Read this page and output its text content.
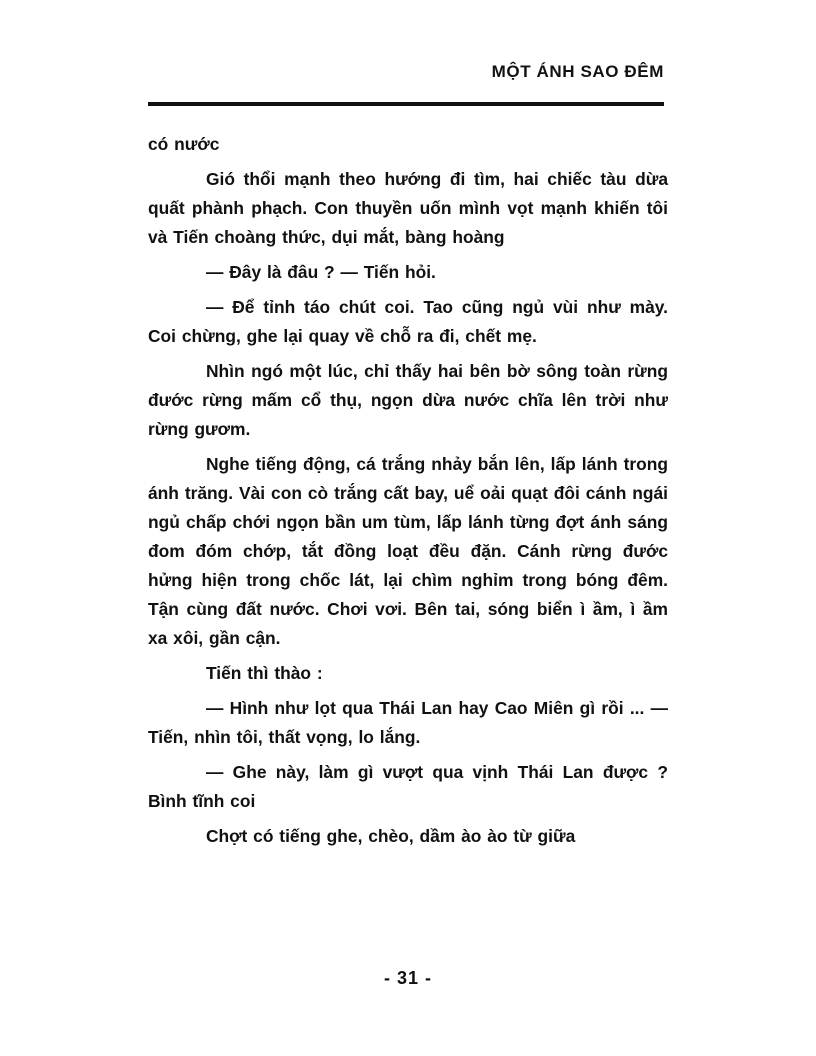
MỘT ÁNH SAO ĐÊM

có nước

Gió thổi mạnh theo hướng đi tìm, hai chiếc tàu dừa quất phành phạch. Con thuyền uốn mình vọt mạnh khiến tôi và Tiến choàng thức, dụi mắt, bàng hoàng

— Đây là đâu ? — Tiến hỏi.

— Để tỉnh táo chút coi. Tao cũng ngủ vùi như mày. Coi chừng, ghe lại quay về chỗ ra đi, chết mẹ.

Nhìn ngó một lúc, chỉ thấy hai bên bờ sông toàn rừng đước rừng mấm cổ thụ, ngọn dừa nước chĩa lên trời như rừng gươm.

Nghe tiếng động, cá trắng nhảy bắn lên, lấp lánh trong ánh trăng. Vài con cò trắng cất bay, uể oải quạt đôi cánh ngái ngủ chấp chới ngọn bần um tùm, lấp lánh từng đợt ánh sáng đom đóm chớp, tắt đồng loạt đều đặn. Cánh rừng đước hửng hiện trong chốc lát, lại chìm nghỉm trong bóng đêm. Tận cùng đất nước. Chơi vơi. Bên tai, sóng biển ì ầm, ì ầm xa xôi, gần cận.

Tiến thì thào :

— Hình như lọt qua Thái Lan hay Cao Miên gì rồi ... — Tiến, nhìn tôi, thất vọng, lo lắng.

— Ghe này, làm gì vượt qua vịnh Thái Lan được ? Bình tĩnh coi

Chợt có tiếng ghe, chèo, dầm ào ào từ giữa

- 31 -
